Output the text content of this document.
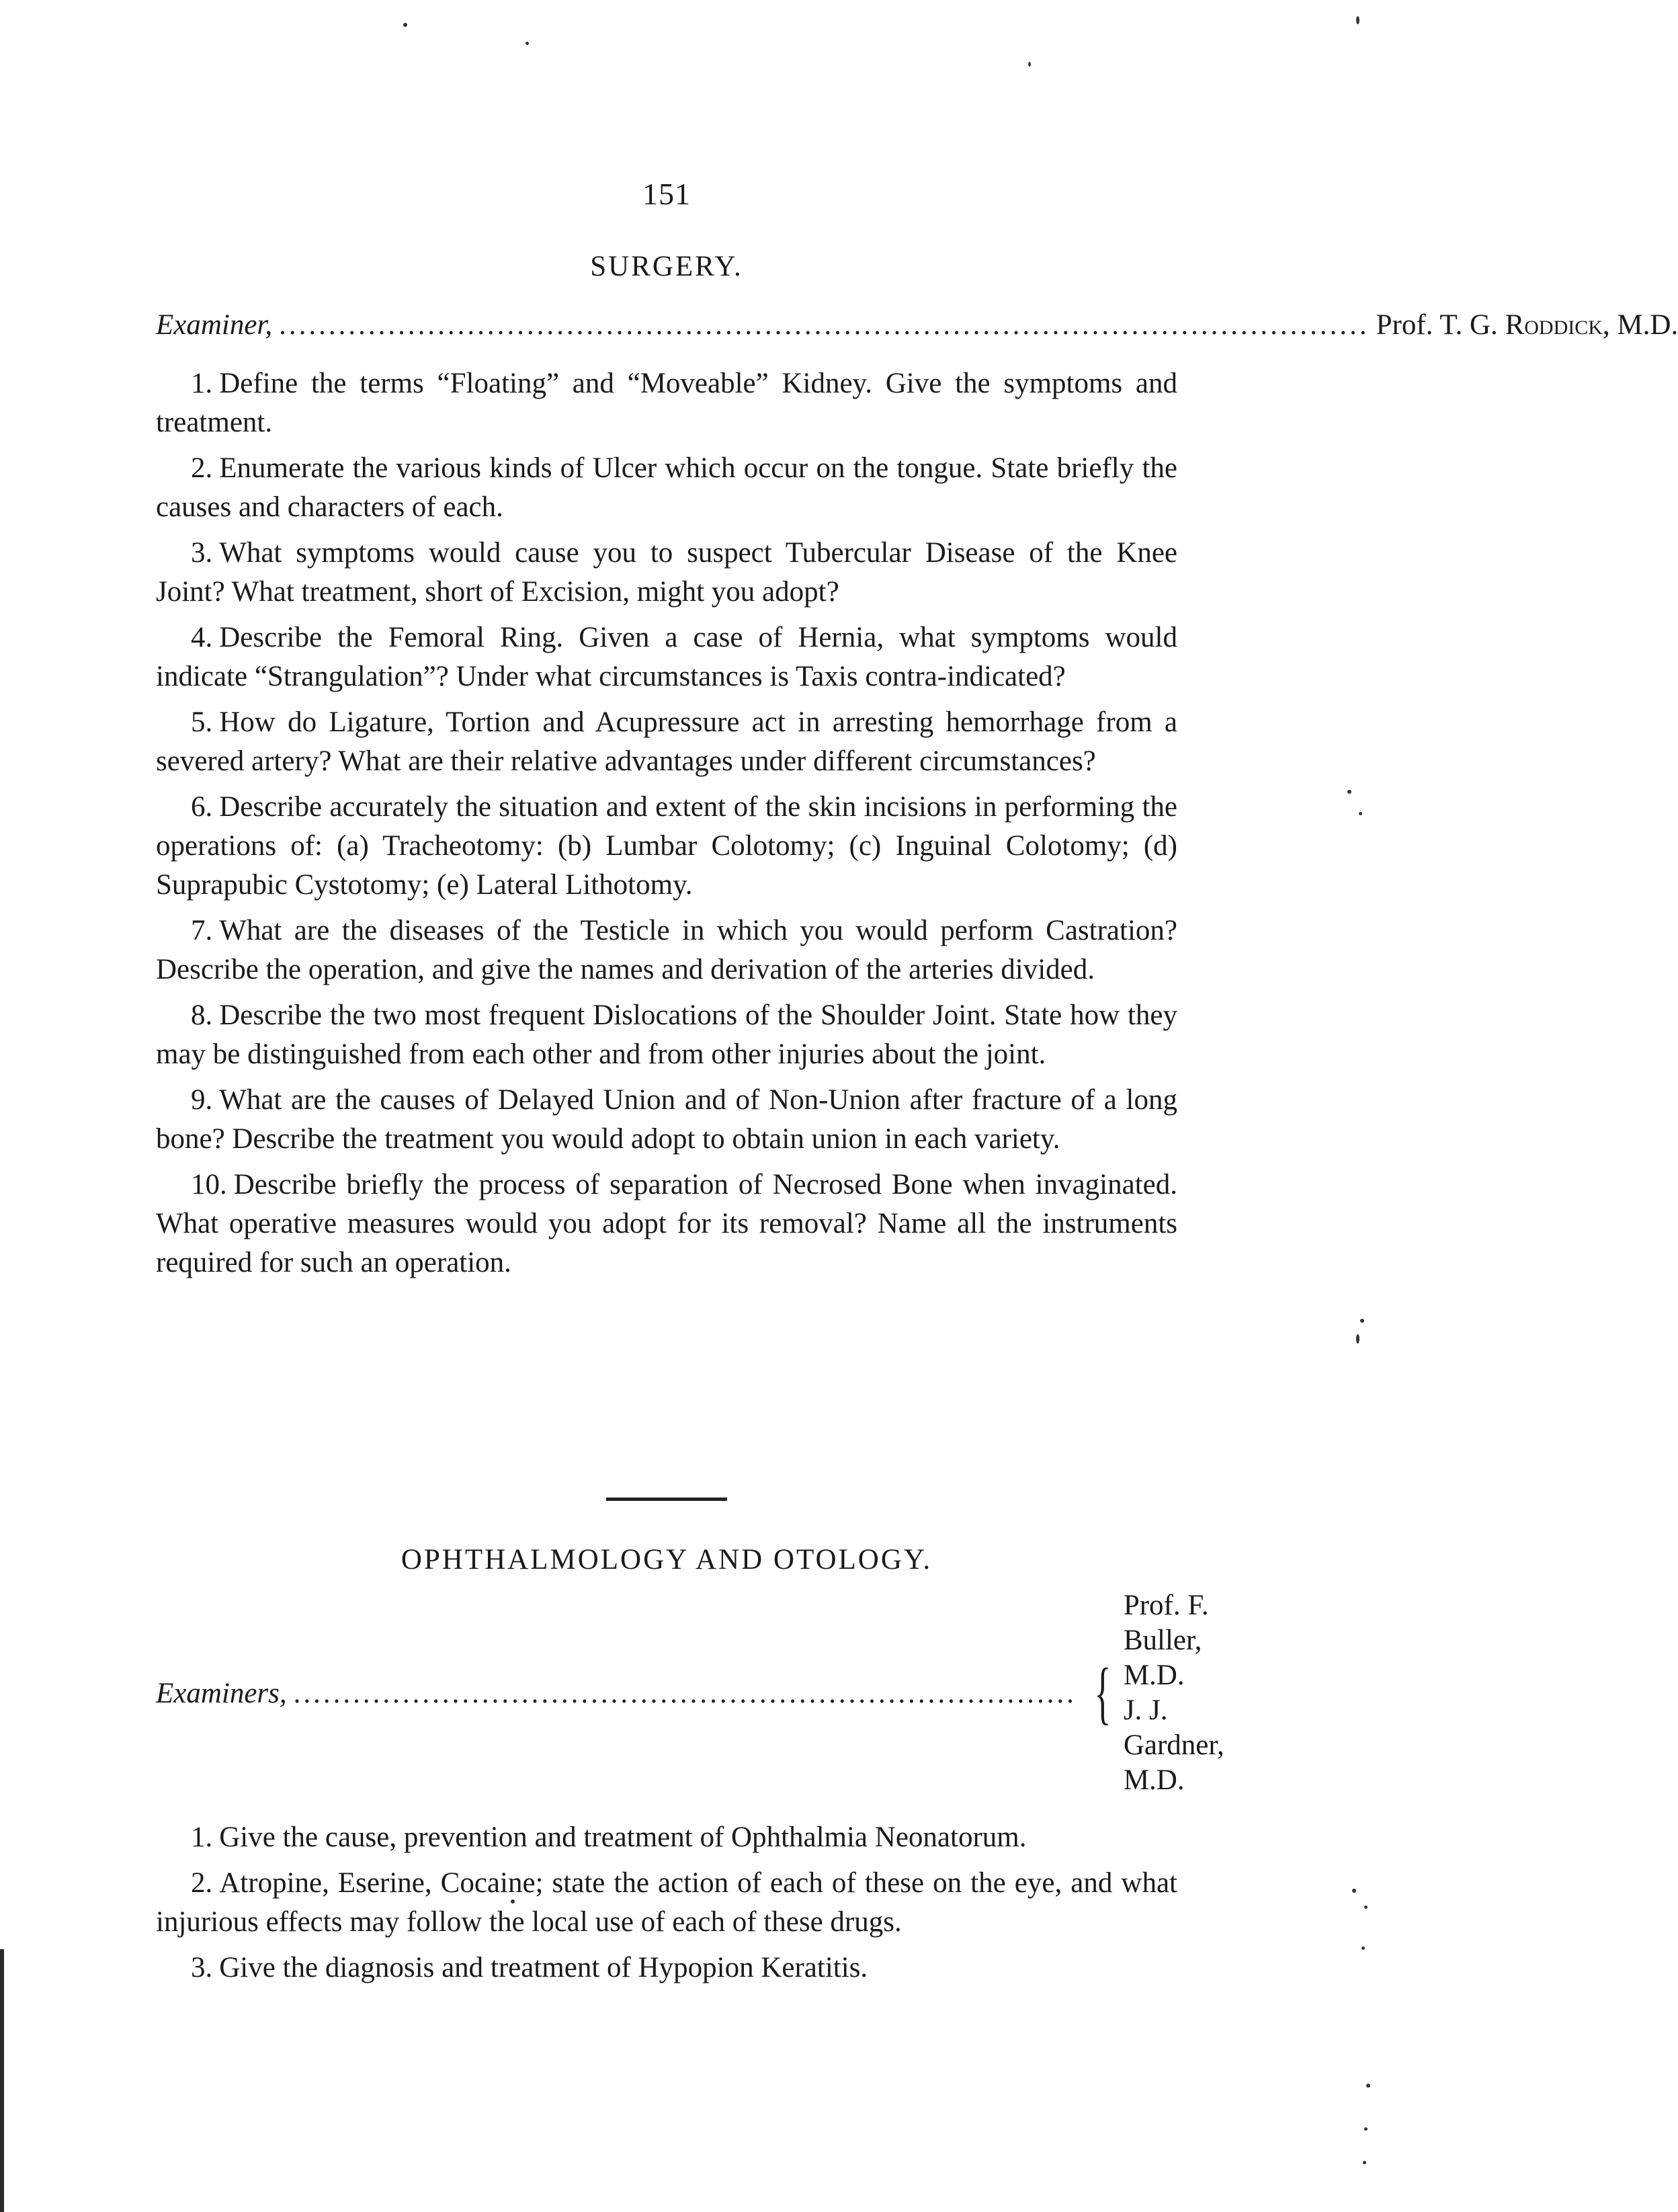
151
SURGERY.
Examiner, .............................................................................................................. Prof. T. G. Roddick, M.D.
1. Define the terms “Floating” and “Moveable” Kidney. Give the symptoms and treatment.
2. Enumerate the various kinds of Ulcer which occur on the tongue. State briefly the causes and characters of each.
3. What symptoms would cause you to suspect Tubercular Disease of the Knee Joint? What treatment, short of Excision, might you adopt?
4. Describe the Femoral Ring. Given a case of Hernia, what symptoms would indicate “Strangulation”? Under what circumstances is Taxis contra-indicated?
5. How do Ligature, Tortion and Acupressure act in arresting hemorrhage from a severed artery? What are their relative advantages under different circumstances?
6. Describe accurately the situation and extent of the skin incisions in performing the operations of: (a) Tracheotomy: (b) Lumbar Colotomy; (c) Inguinal Colotomy; (d) Suprapubic Cystotomy; (e) Lateral Lithotomy.
7. What are the diseases of the Testicle in which you would perform Castration? Describe the operation, and give the names and derivation of the arteries divided.
8. Describe the two most frequent Dislocations of the Shoulder Joint. State how they may be distinguished from each other and from other injuries about the joint.
9. What are the causes of Delayed Union and of Non-Union after fracture of a long bone? Describe the treatment you would adopt to obtain union in each variety.
10. Describe briefly the process of separation of Necrosed Bone when invaginated. What operative measures would you adopt for its removal? Name all the instruments required for such an operation.
OPHTHALMOLOGY AND OTOLOGY.
Examiners, ............................................................................... {
Prof. F. Buller, M.D.
J. J. Gardner, M.D.
1. Give the cause, prevention and treatment of Ophthalmia Neonatorum.
2. Atropine, Eserine, Cocaine; state the action of each of these on the eye, and what injurious effects may follow the local use of each of these drugs.
3. Give the diagnosis and treatment of Hypopion Keratitis.
